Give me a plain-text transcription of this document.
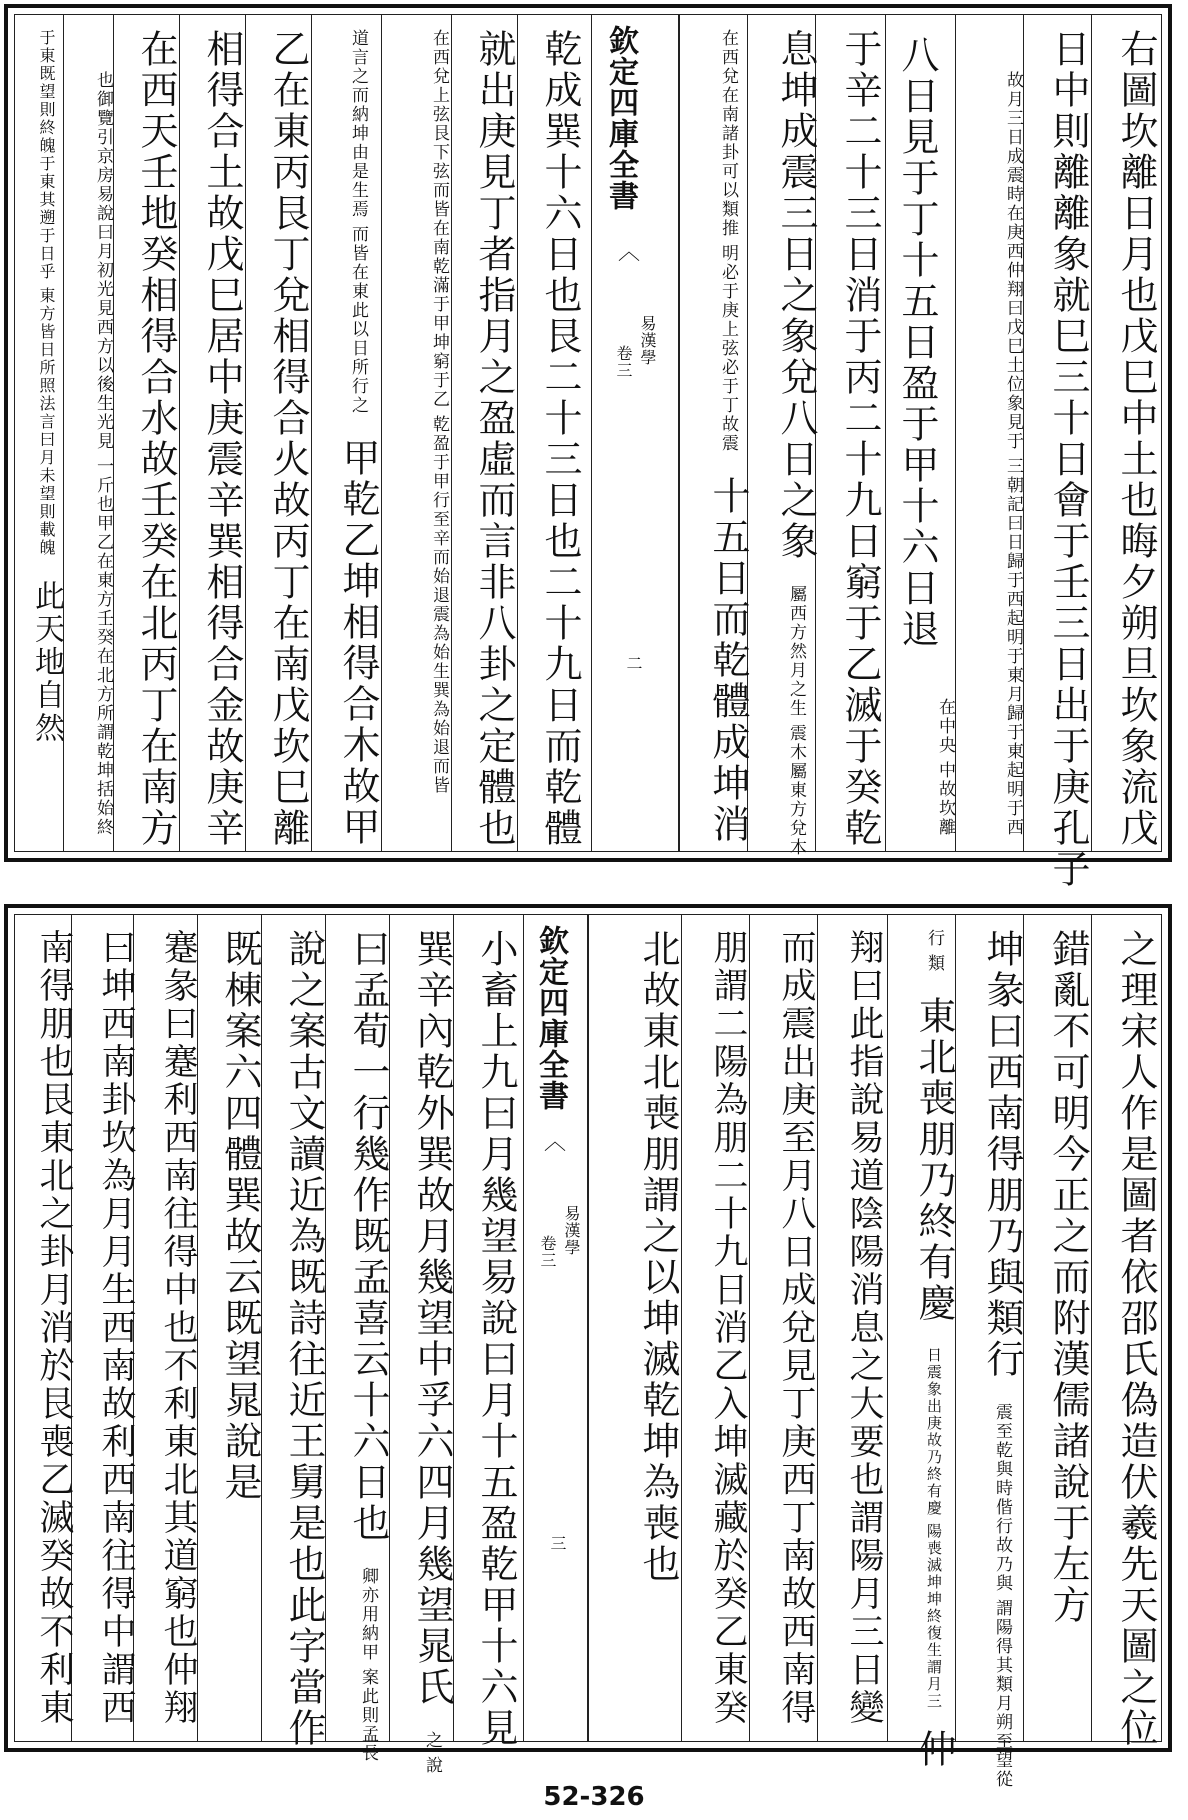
右圖坎離日月也戊巳中土也晦夕朔旦坎象流戊
日中則離離象就巳三十日會于壬三日出于庚孔子
三朝記曰日歸于西起明于東月歸于東起明于西
故月三日成震時在庚西仲翔曰戊巳土位象見于
中故坎離
在中央
八日見于丁十五日盈于甲十六日退
于辛二十三日消于丙二十九日窮于乙滅于癸乾
息坤成震三日之象兌八日之象
震木屬東方兌木
屬西方然月之生
明必于庚上弦必于丁故震
在西兌在南諸卦可以類推
十五日而乾體成坤消
欽定四庫全書
︿
易漢學
卷三
二
乾成巽十六日也艮二十三日也二十九日而乾體
就出庚見丁者指月之盈虛而言非八卦之定體也
乾盈于甲行至辛而始退震為始生巽為始退而皆
在西兌上弦艮下弦而皆在南乾滿于甲坤窮于乙
而皆在東此以日所行之
道言之而納坤由是生焉
甲乾乙坤相得合木故甲
乙在東丙艮丁兌相得合火故丙丁在南戊坎巳離
相得合土故戊巳居中庚震辛巽相得合金故庚辛
在西天壬地癸相得合水故壬癸在北丙丁在南方
一斤也甲乙在東方壬癸在北方所謂乾坤括始終
也御覽引京房易說曰月初光見西方以後生光見
東方皆日所照法言曰月未望則載魄
于東既望則終魄于東其遡于日乎
此天地自然
之理宋人作是圖者依邵氏偽造伏羲先天圖之位
錯亂不可明今正之而附漢儒諸說于左方
坤彖曰西南得朋乃與類行
謂陽得其類月朔至望從
震至乾與時偕行故乃與
類
行
東北喪朋乃終有慶
陽喪滅坤坤終復生謂月三
日震象出庚故乃終有慶
仲
翔曰此指說易道陰陽消息之大要也謂陽月三日變
而成震出庚至月八日成兌見丁庚西丁南故西南得
朋謂二陽為朋二十九日消乙入坤滅藏於癸乙東癸
北故東北喪朋謂之以坤滅乾坤為喪也
欽定四庫全書
︿
易漢學
卷三
三
小畜上九曰月幾望易說曰月十五盈乾甲十六見
巽辛內乾外巽故月幾望中孚六四月幾望晁氏
說
之
曰孟荀一行幾作既孟喜云十六日也
案此則孟長
卿亦用納甲
說之案古文讀近為既詩往近王舅是也此字當作
既棟案六四體巽故云既望晁說是
蹇彖曰蹇利西南往得中也不利東北其道窮也仲翔
曰坤西南卦坎為月月生西南故利西南往得中謂西
南得朋也艮東北之卦月消於艮喪乙滅癸故不利東
52-326
